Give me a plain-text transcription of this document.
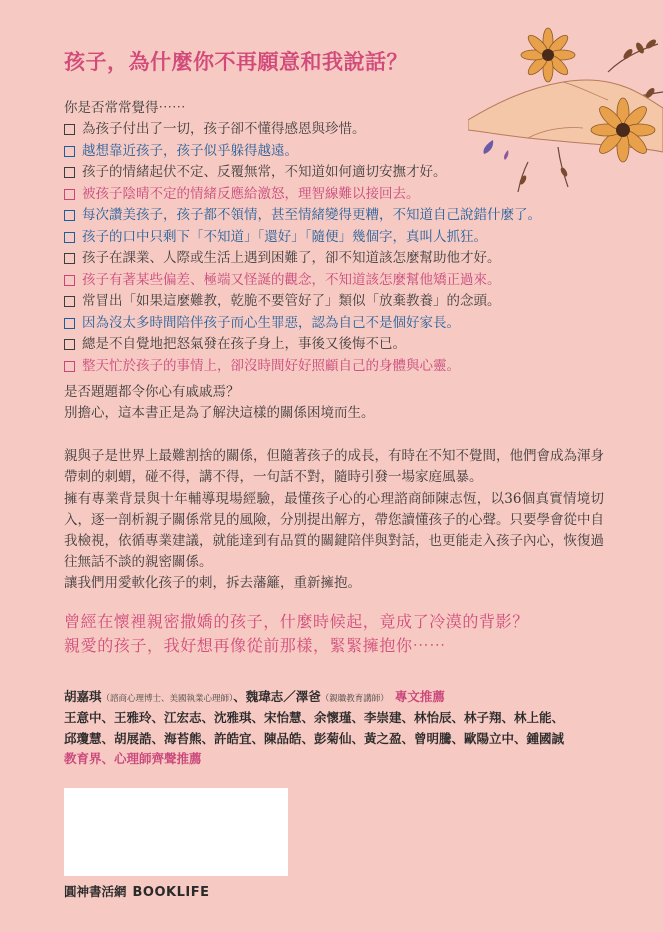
孩子，為什麼你不再願意和我說話？
你是否常常覺得⋯⋯
為孩子付出了一切，孩子卻不懂得感恩與珍惜。
越想靠近孩子，孩子似乎躲得越遠。
孩子的情緒起伏不定、反覆無常，不知道如何適切安撫才好。
被孩子陰晴不定的情緒反應給激怒，理智線難以接回去。
每次讚美孩子，孩子都不領情，甚至情緒變得更糟，不知道自己說錯什麼了。
孩子的口中只剩下「不知道」「還好」「隨便」幾個字，真叫人抓狂。
孩子在課業、人際或生活上遇到困難了，卻不知道該怎麼幫助他才好。
孩子有著某些偏差、極端又怪誕的觀念，不知道該怎麼幫他矯正過來。
常冒出「如果這麼難教，乾脆不要管好了」類似「放棄教養」的念頭。
因為沒太多時間陪伴孩子而心生罪惡，認為自己不是個好家長。
總是不自覺地把怒氣發在孩子身上，事後又後悔不已。
整天忙於孩子的事情上，卻沒時間好好照顧自己的身體與心靈。

是否題題都令你心有戚戚焉？
別擔心，這本書正是為了解決這樣的關係困境而生。

親與子是世界上最難割捨的關係，但隨著孩子的成長，有時在不知不覺間，他們會成為渾身帶刺的刺蝟，碰不得，講不得，一句話不對，隨時引發一場家庭風暴。

擁有專業背景與十年輔導現場經驗，最懂孩子心的心理諮商師陳志恆，以36個真實情境切入，逐一剖析親子關係常見的風險，分別提出解方，帶您讀懂孩子的心聲。只要學會從中自我檢視，依循專業建議，就能達到有品質的關鍵陪伴與對話，也更能走入孩子內心，恢復過往無話不談的親密關係。

讓我們用愛軟化孩子的刺，拆去藩籬，重新擁抱。

曾經在懷裡親密撒嬌的孩子，什麼時候起，竟成了冷漠的背影？
親愛的孩子，我好想再像從前那樣，緊緊擁抱你⋯⋯

胡嘉琪（諮商心理博士、美國執業心理師）、魏瑋志／澤爸（親職教育講師） 專文推薦

王意中、王雅玲、江宏志、沈雅琪、宋怡慧、余懷瑾、李崇建、林怡辰、林子翔、林上能、
邱瓊慧、胡展誥、海苔熊、許皓宜、陳品皓、彭菊仙、黃之盈、曾明騰、歐陽立中、鍾國誠

教育界、心理師齊聲推薦
圓神書活網 BOOKLIFE
